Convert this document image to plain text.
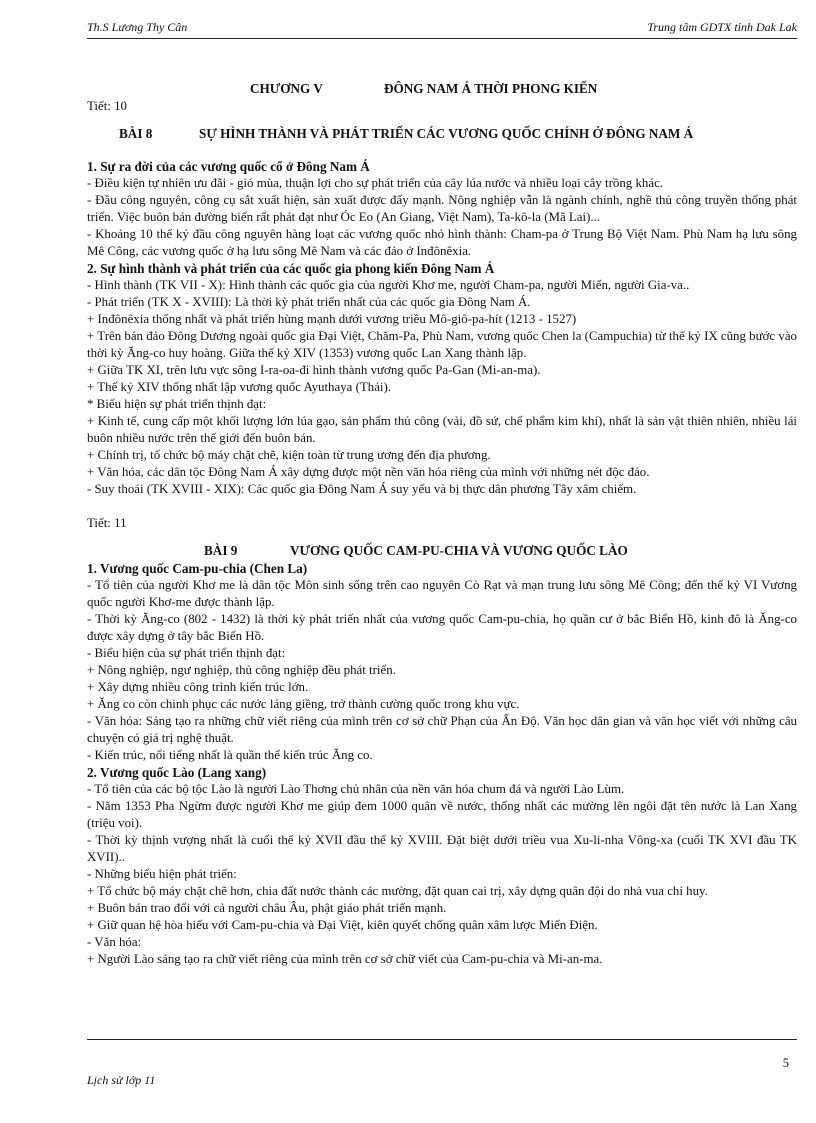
Th.S Lương Thy Cân	Trung tâm GDTX tỉnh Dak Lak
CHƯƠNG V	ĐÔNG NAM Á THỜI PHONG KIẾN
Tiết: 10
BÀI 8	SỰ HÌNH THÀNH VÀ PHÁT TRIỂN CÁC VƯƠNG QUỐC CHÍNH Ở ĐÔNG NAM Á
1. Sự ra đời của các vương quốc cổ ở Đông Nam Á

- Điều kiện tự nhiên ưu đãi - gió mùa, thuận lợi cho sự phát triển của cây lúa nước và nhiều loại cây trồng khác.

- Đầu công nguyên, công cụ sắt xuất hiện, sản xuất được đẩy mạnh. Nông nghiệp vẫn là ngành chính, nghề thủ công truyền thống phát triển. Việc buôn bán đường biển rất phát đạt như Óc Eo (An Giang, Việt Nam), Ta-kô-la (Mã Lai)...

- Khoảng 10 thế kỷ đầu công nguyên hàng loạt các vương quốc nhỏ hình thành: Cham-pa ở Trung Bộ Việt Nam. Phù Nam hạ lưu sông Mê Công, các vương quốc ở hạ lưu sông Mê Nam và các đảo ở Inđônêxia.

2. Sự hình thành và phát triển của các quốc gia phong kiến Đông Nam Á

- Hình thành (TK VII - X): Hình thành các quốc gia của người Khơ me, người Cham-pa, người Miến, người Gia-va..

- Phát triển (TK X - XVIII): Là thời kỳ phát triển nhất của các quốc gia Đông Nam Á.

+ Inđônêxia thống nhất và phát triển hùng mạnh dưới vương triều Mô-giô-pa-hít (1213 - 1527)

+ Trên bán đảo Đông Dương ngoài quốc gia Đại Việt, Chăm-Pa, Phù Nam, vương quốc Chen la (Campuchia) từ thế kỷ IX cũng bước vào thời kỳ Ăng-co huy hoàng. Giữa thế kỷ XIV (1353) vương quốc Lan Xang thành lập.

+ Giữa TK XI, trên lưu vực sông I-ra-oa-đi hình thành vương quốc Pa-Gan (Mi-an-ma).

+ Thế kỷ XIV thống nhất lập vương quốc Ayuthaya (Thái).

* Biểu hiện sự phát triển thịnh đạt:

+ Kinh tế, cung cấp một khối lượng lớn lúa gạo, sản phẩm thủ công (vải, đồ sứ, chế phẩm kim khí), nhất là sản vật thiên nhiên, nhiều lái buôn nhiều nước trên thế giới đến buôn bán.

+ Chính trị, tổ chức bộ máy chặt chẽ, kiện toàn từ trung ương đến địa phương.

+ Văn hóa, các dân tộc Đông Nam Á xây dựng được một nền văn hóa riêng của mình với những nét độc đáo.

- Suy thoái (TK XVIII - XIX): Các quốc gia Đông Nam Á suy yếu và bị thực dân phương Tây xâm chiếm.

Tiết: 11
BÀI 9	VƯƠNG QUỐC CAM-PU-CHIA VÀ VƯƠNG QUỐC LÀO
1. Vương quốc Cam-pu-chia (Chen La)

- Tổ tiên của người Khơ me là dân tộc Môn sinh sống trên cao nguyên Cò Rạt và mạn trung lưu sông Mê Công; đến thế kỷ VI Vương quốc người Khơ-me được thành lập.

- Thời kỳ Ăng-co (802 - 1432) là thời kỳ phát triển nhất của vương quốc Cam-pu-chia, họ quần cư ở bắc Biển Hồ, kinh đô là Ăng-co được xây dựng ở tây bắc Biển Hồ.

- Biểu hiện của sự phát triển thịnh đạt:

+ Nông nghiệp, ngư nghiệp, thủ công nghiệp đều phát triển.

+ Xây dựng nhiều công trình kiến trúc lớn.

+ Ăng co còn chinh phục các nước láng giềng, trở thành cường quốc trong khu vực.

- Văn hóa: Sáng tạo ra những chữ viết riêng của mình trên cơ sở chữ Phạn của Ấn Độ. Văn học dân gian và văn học viết với những câu chuyện có giá trị nghệ thuật.

- Kiến trúc, nổi tiếng nhất là quần thể kiến trúc Ăng co.

2. Vương quốc Lào (Lang xang)

- Tổ tiên của các bộ tộc Lào là người Lào Thơng chủ nhân của nền văn hóa chum đá và người Lào Lùm.

- Năm 1353 Pha Ngừm được người Khơ me giúp đem 1000 quân về nước, thống nhất các mường lên ngôi đặt tên nước là Lan Xang (triệu voi).

- Thời kỳ thịnh vượng nhất là cuối thế kỷ XVII đầu thế kỷ XVIII. Đặt biệt dưới triều vua Xu-li-nha Vông-xa (cuối TK XVI đầu TK XVII)..

- Những biểu hiện phát triển:

+ Tổ chức bộ máy chặt chẽ hơn, chia đất nước thành các mường, đặt quan cai trị, xây dựng quân đội do nhà vua chỉ huy.

+ Buôn bán trao đổi với cả người châu Âu, phật giáo phát triển mạnh.

+ Giữ quan hệ hòa hiếu với Cam-pu-chia và Đại Việt, kiên quyết chống quân xâm lược Miến Điện.

- Văn hóa:

+ Người Lào sáng tạo ra chữ viết riêng của mình trên cơ sở chữ viết của Cam-pu-chia và Mi-an-ma.

5
Lịch sử lớp 11
